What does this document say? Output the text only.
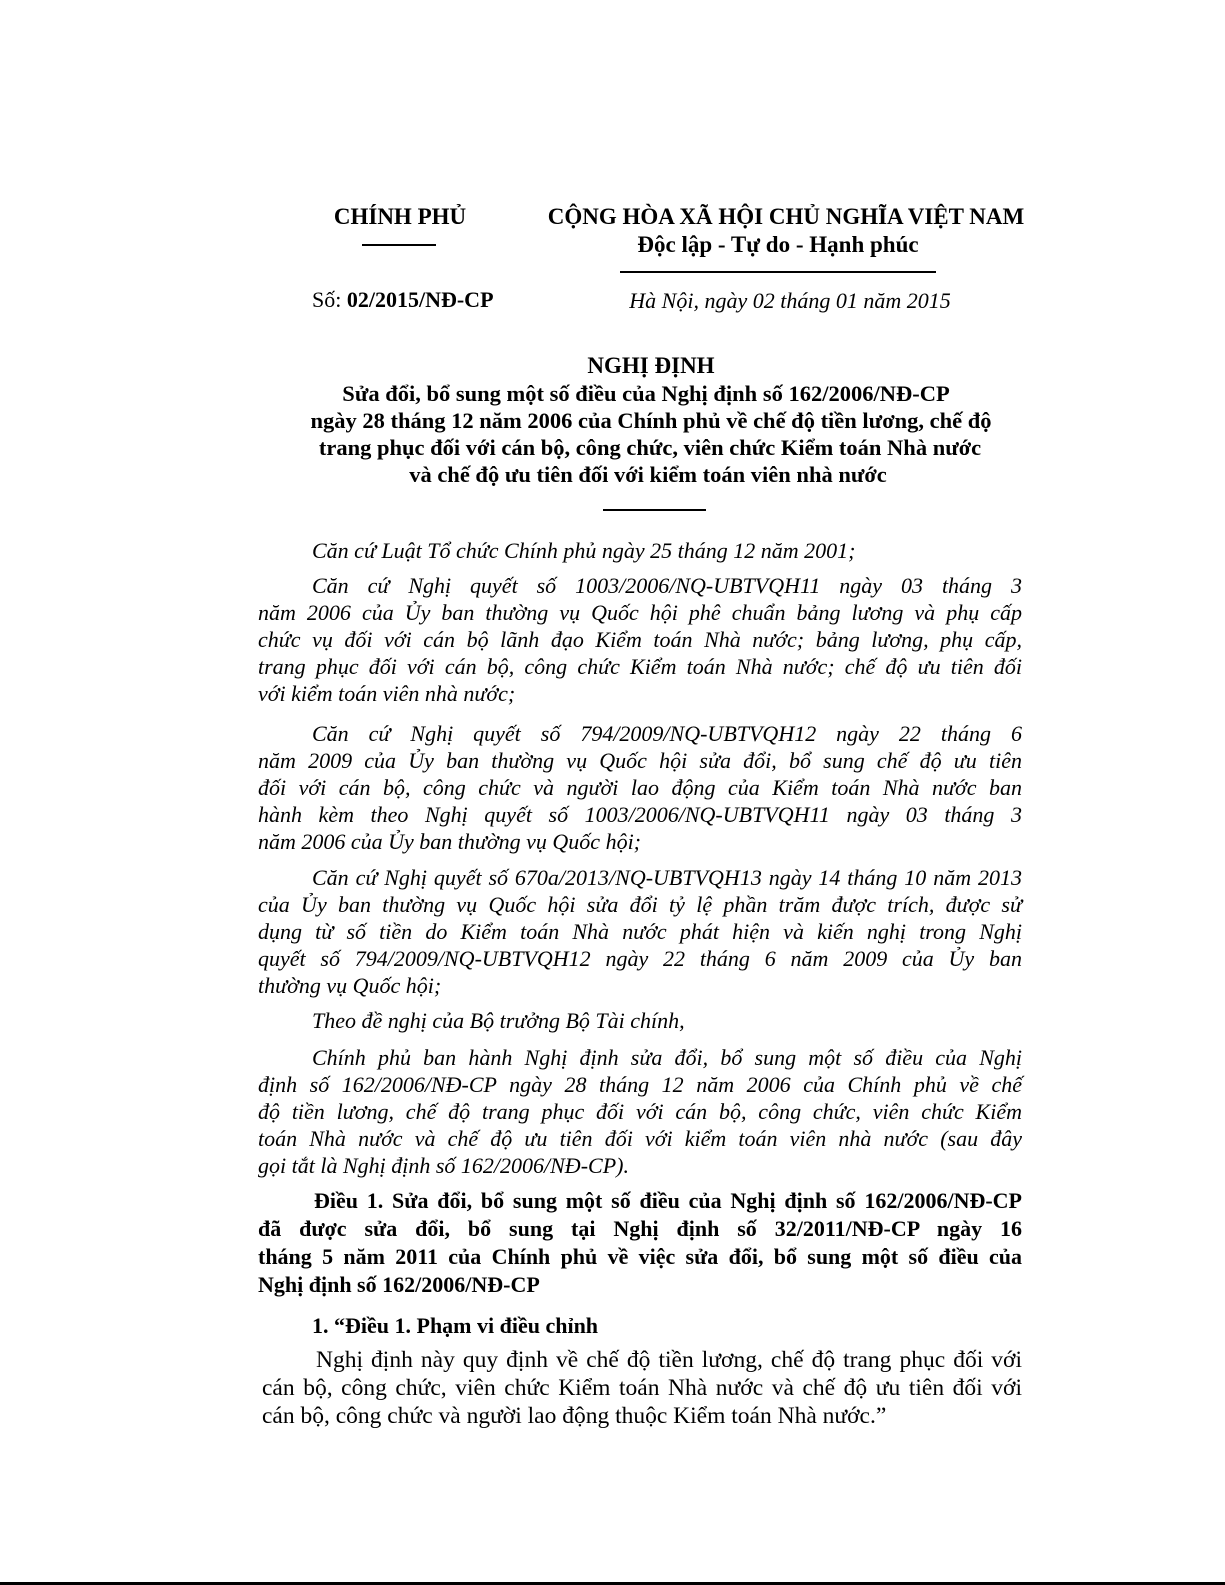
CHÍNH PHỦ	CỘNG HÒA XÃ HỘI CHỦ NGHĨA VIỆT NAM
Độc lập - Tự do - Hạnh phúc
Số: 02/2015/NĐ-CP	Hà Nội, ngày 02 tháng 01 năm 2015
NGHỊ ĐỊNH
Sửa đổi, bổ sung một số điều của Nghị định số 162/2006/NĐ-CP
ngày 28 tháng 12 năm 2006 của Chính phủ về chế độ tiền lương, chế độ
trang phục đối với cán bộ, công chức, viên chức Kiểm toán Nhà nước
và chế độ ưu tiên đối với kiểm toán viên nhà nước
Căn cứ Luật Tổ chức Chính phủ ngày 25 tháng 12 năm 2001;
Căn cứ Nghị quyết số 1003/2006/NQ-UBTVQH11 ngày 03 tháng 3
năm 2006 của Ủy ban thường vụ Quốc hội phê chuẩn bảng lương và phụ cấp
chức vụ đối với cán bộ lãnh đạo Kiểm toán Nhà nước; bảng lương, phụ cấp,
trang phục đối với cán bộ, công chức Kiểm toán Nhà nước; chế độ ưu tiên đối
với kiểm toán viên nhà nước;
Căn cứ Nghị quyết số 794/2009/NQ-UBTVQH12 ngày 22 tháng 6
năm 2009 của Ủy ban thường vụ Quốc hội sửa đổi, bổ sung chế độ ưu tiên
đối với cán bộ, công chức và người lao động của Kiểm toán Nhà nước ban
hành kèm theo Nghị quyết số 1003/2006/NQ-UBTVQH11 ngày 03 tháng 3
năm 2006 của Ủy ban thường vụ Quốc hội;
Căn cứ Nghị quyết số 670a/2013/NQ-UBTVQH13 ngày 14 tháng 10 năm 2013
của Ủy ban thường vụ Quốc hội sửa đổi tỷ lệ phần trăm được trích, được sử
dụng từ số tiền do Kiểm toán Nhà nước phát hiện và kiến nghị trong Nghị
quyết số 794/2009/NQ-UBTVQH12 ngày 22 tháng 6 năm 2009 của Ủy ban
thường vụ Quốc hội;
Theo đề nghị của Bộ trưởng Bộ Tài chính,
Chính phủ ban hành Nghị định sửa đổi, bổ sung một số điều của Nghị
định số 162/2006/NĐ-CP ngày 28 tháng 12 năm 2006 của Chính phủ về chế
độ tiền lương, chế độ trang phục đối với cán bộ, công chức, viên chức Kiểm
toán Nhà nước và chế độ ưu tiên đối với kiểm toán viên nhà nước (sau đây
gọi tắt là Nghị định số 162/2006/NĐ-CP).
Điều 1. Sửa đổi, bổ sung một số điều của Nghị định số 162/2006/NĐ-CP
đã được sửa đổi, bổ sung tại Nghị định số 32/2011/NĐ-CP ngày 16
tháng 5 năm 2011 của Chính phủ về việc sửa đổi, bổ sung một số điều của
Nghị định số 162/2006/NĐ-CP
1. “Điều 1. Phạm vi điều chỉnh
Nghị định này quy định về chế độ tiền lương, chế độ trang phục đối với
cán bộ, công chức, viên chức Kiểm toán Nhà nước và chế độ ưu tiên đối với
cán bộ, công chức và người lao động thuộc Kiểm toán Nhà nước.”
